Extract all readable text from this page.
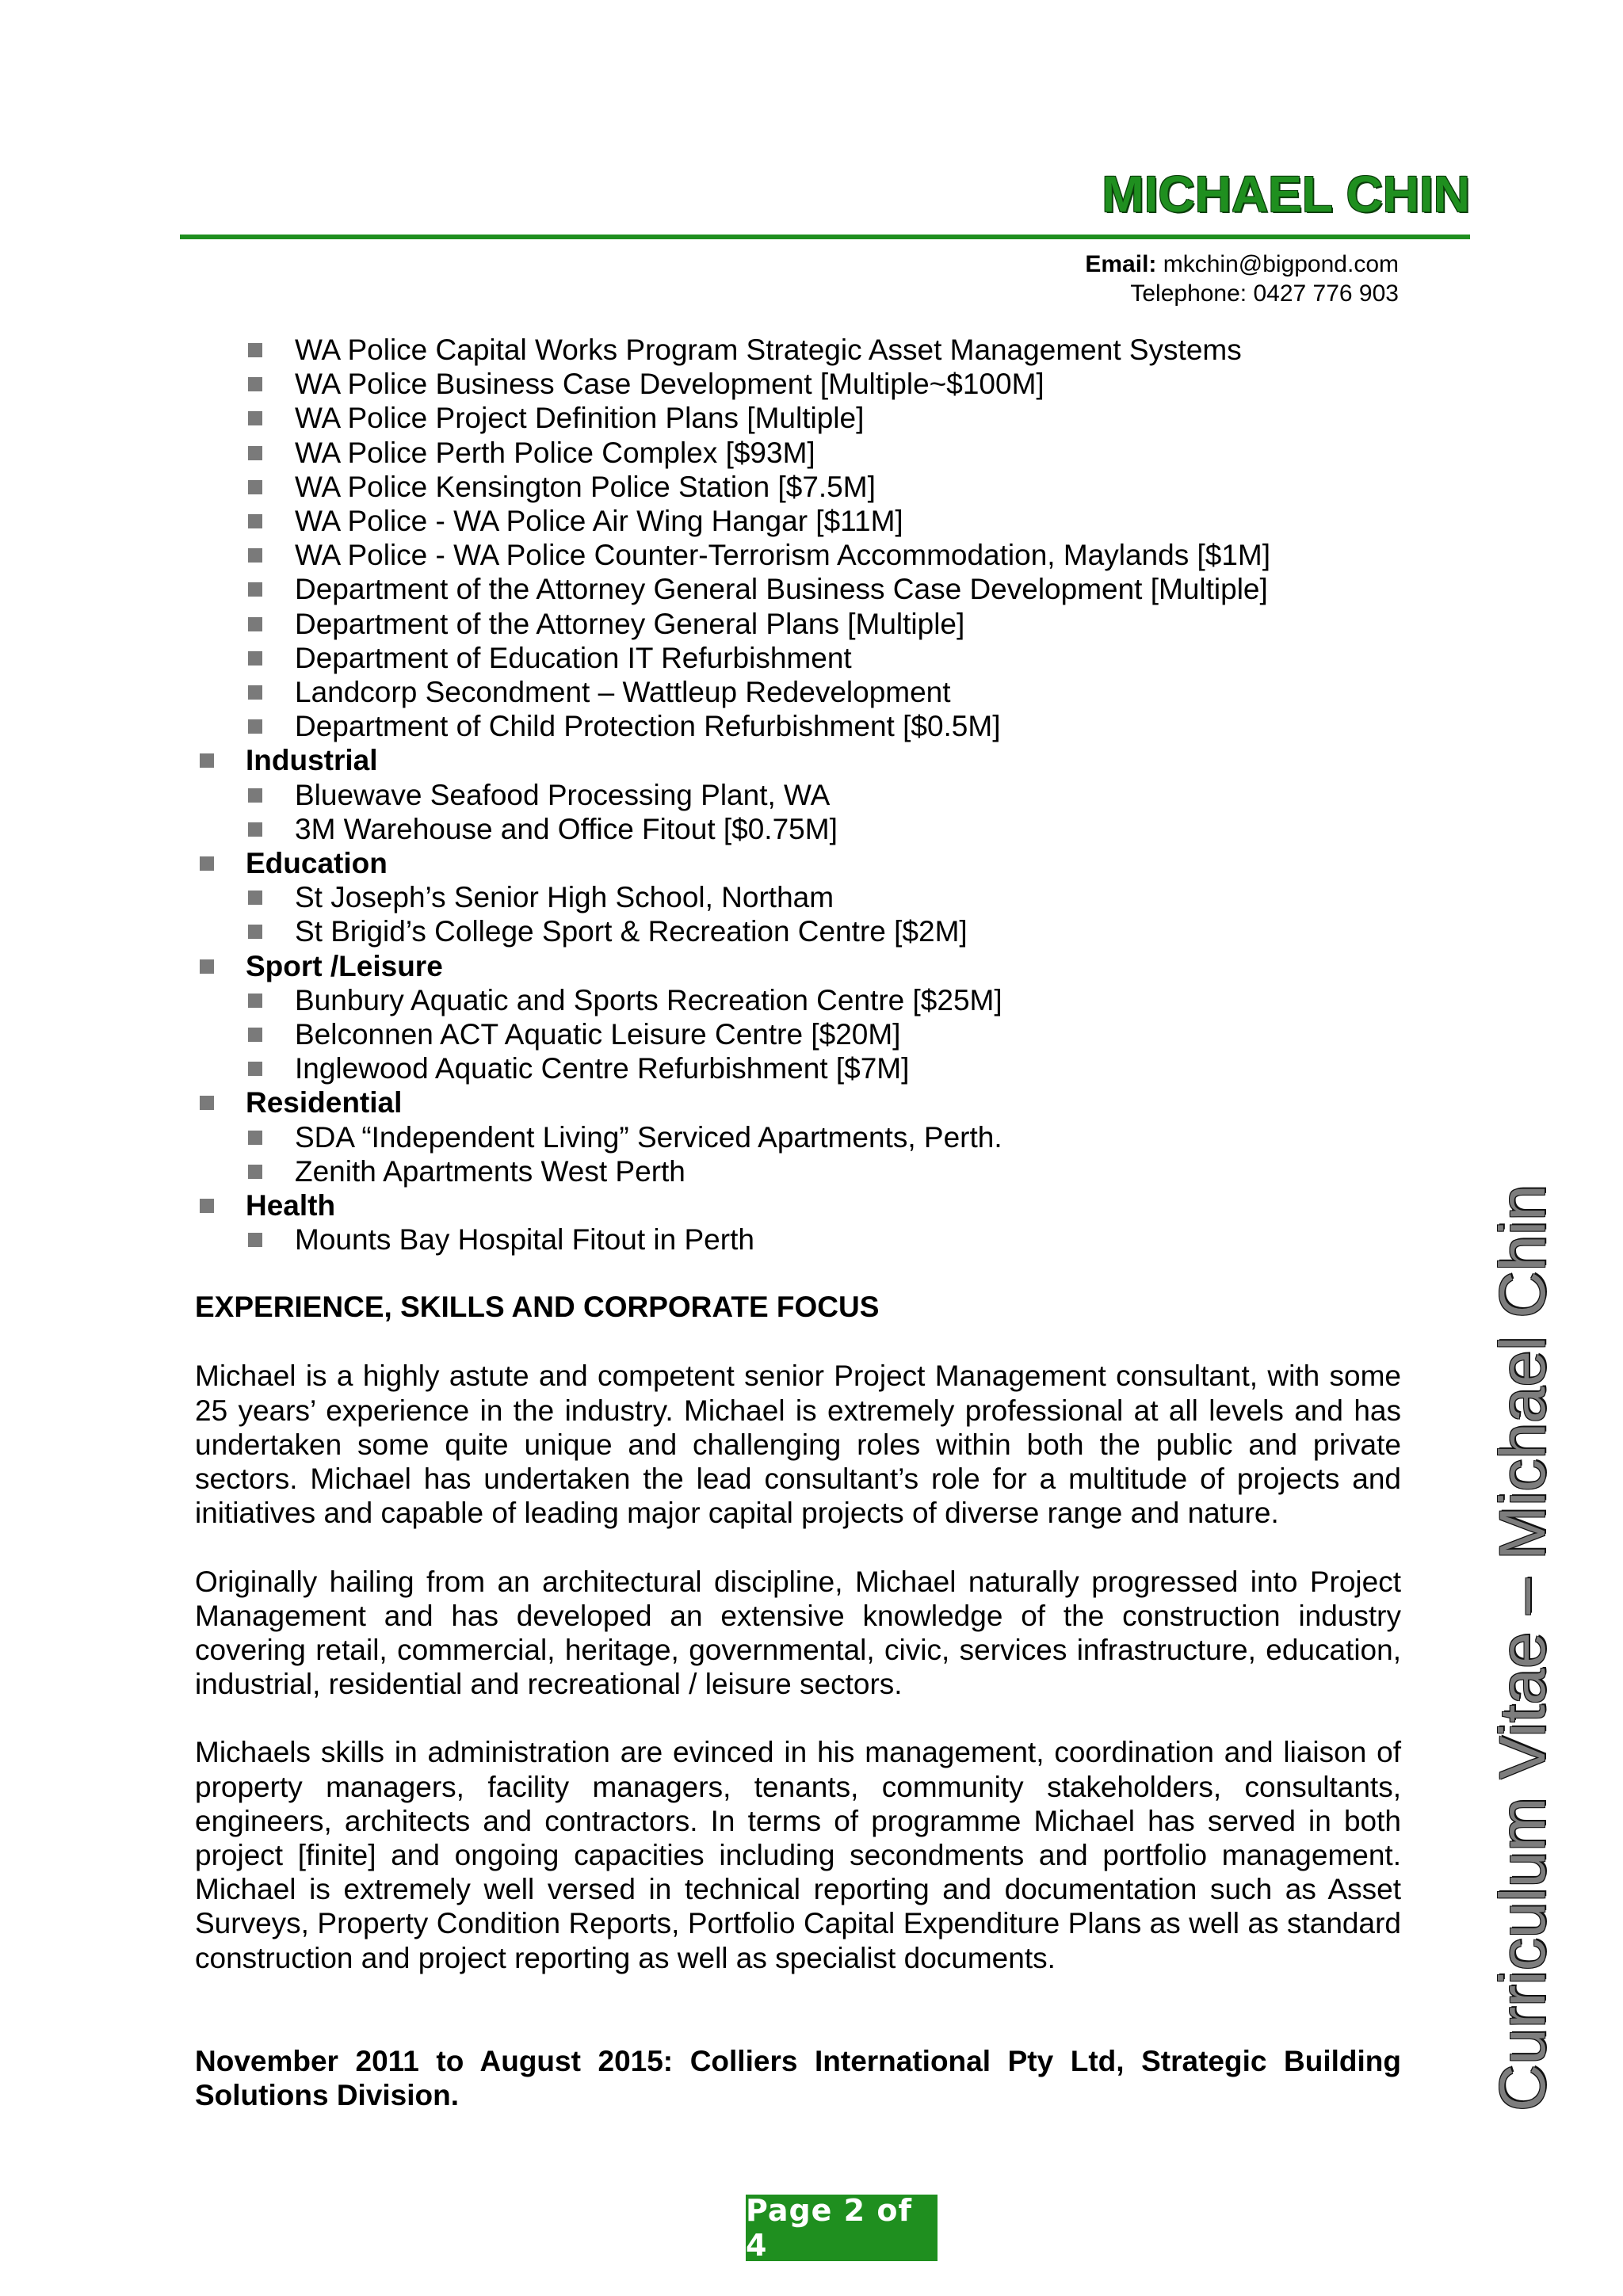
MICHAEL CHIN
Email: mkchin@bigpond.com
Telephone: 0427 776 903
WA Police Capital Works Program Strategic Asset Management Systems
WA Police Business Case Development [Multiple~$100M]
WA Police Project Definition Plans [Multiple]
WA Police Perth Police Complex [$93M]
WA Police Kensington Police Station [$7.5M]
WA Police - WA Police Air Wing Hangar [$11M]
WA Police - WA Police Counter-Terrorism Accommodation, Maylands [$1M]
Department of the Attorney General Business Case Development [Multiple]
Department of the Attorney General Plans [Multiple]
Department of Education IT Refurbishment
Landcorp Secondment – Wattleup Redevelopment
Department of Child Protection Refurbishment [$0.5M]
Industrial
Bluewave Seafood Processing Plant, WA
3M Warehouse and Office Fitout [$0.75M]
Education
St Joseph’s Senior High School, Northam
St Brigid’s College Sport & Recreation Centre [$2M]
Sport /Leisure
Bunbury Aquatic and Sports Recreation Centre [$25M]
Belconnen ACT Aquatic Leisure Centre [$20M]
Inglewood Aquatic Centre Refurbishment [$7M]
Residential
SDA “Independent Living” Serviced Apartments, Perth.
Zenith Apartments West Perth
Health
Mounts Bay Hospital Fitout in Perth
EXPERIENCE, SKILLS AND CORPORATE FOCUS

Michael is a highly astute and competent senior Project Management consultant, with some 25 years’ experience in the industry. Michael is extremely professional at all levels and has undertaken some quite unique and challenging roles within both the public and private sectors. Michael has undertaken the lead consultant’s role for a multitude of projects and initiatives and capable of leading major capital projects of diverse range and nature.

Originally hailing from an architectural discipline, Michael naturally progressed into Project Management and has developed an extensive knowledge of the construction industry covering retail, commercial, heritage, governmental, civic, services infrastructure, education, industrial, residential and recreational / leisure sectors.

Michaels skills in administration are evinced in his management, coordination and liaison of property managers, facility managers, tenants, community stakeholders, consultants, engineers, architects and contractors. In terms of programme Michael has served in both project [finite] and ongoing capacities including secondments and portfolio management. Michael is extremely well versed in technical reporting and documentation such as Asset Surveys, Property Condition Reports, Portfolio Capital Expenditure Plans as well as standard construction and project reporting as well as specialist documents.

November 2011 to August 2015: Colliers International Pty Ltd, Strategic Building Solutions Division.	Curriculum Vitae – Michael Chin
Page 2 of 4
